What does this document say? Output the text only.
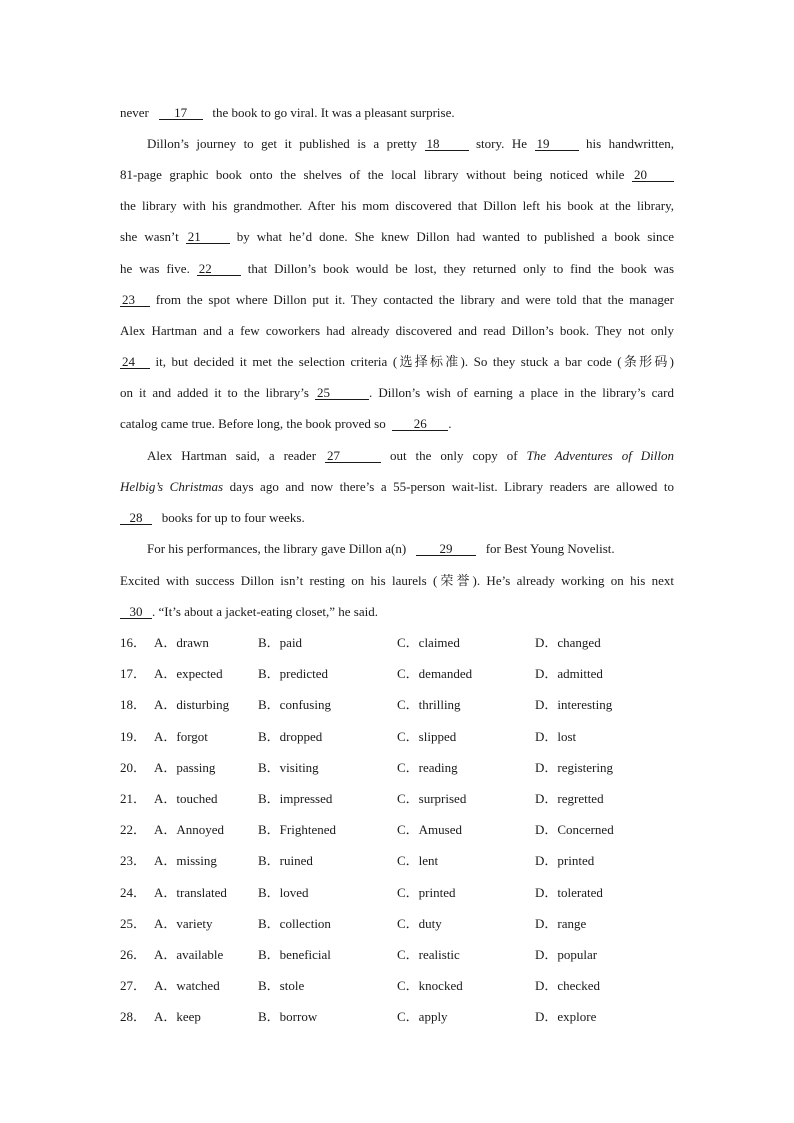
never 17 the book to go viral. It was a pleasant surprise.
Dillon’s journey to get it published is a pretty 18	story. He 19	his handwritten,
81-page graphic book onto the shelves of the local library without being noticed while 20
the library with his grandmother. After his mom discovered that Dillon left his book at the library,
she wasn’t 21	by what he’d done. She knew Dillon had wanted to published a book since
he was five. 22	that Dillon’s book would be lost, they returned only to find the book was
23 from the spot where Dillon put it. They contacted the library and were told that the manager
Alex Hartman and a few coworkers had already discovered and read Dillon’s book. They not only
24 it, but decided it met the selection criteria (选择标准). So they stuck a bar code (条形码)
on it and added it to the library’s 25	. Dillon’s wish of earning a place in the library’s card
catalog came true. Before long, the book proved so 26 .
Alex Hartman said, a reader 27	out the only copy of The Adventures of Dillon
Helbig’s Christmas days ago and now there’s a 55-person wait-list. Library readers are allowed to
28 books for up to four weeks.
For his performances, the library gave Dillon a(n)	29	for Best Young Novelist.
Excited with success Dillon isn’t resting on his laurels (荣誉). He’s already working on his next
30 . “It’s about a jacket-eating closet,” he said.
16． A．drawn	B．paid	C．claimed	D．changed
17． A．expected	B．predicted	C．demanded	D．admitted
18． A．disturbing B．confusing	C．thrilling	D．interesting
19． A．forgot	B．dropped	C．slipped	D．lost
20． A．passing	B．visiting	C．reading	D．registering
21． A．touched	B．impressed	C．surprised	D．regretted
22． A．Annoyed	B．Frightened	C．Amused	D．Concerned
23． A．missing	B．ruined	C．lent	D．printed
24． A．translated B．loved	C．printed	D．tolerated
25． A．variety	B．collection	C．duty	D．range
26． A．available	B．beneficial	C．realistic	D．popular
27． A．watched	B．stole	C．knocked	D．checked
28． A．keep	B．borrow	C．apply	D．explore
